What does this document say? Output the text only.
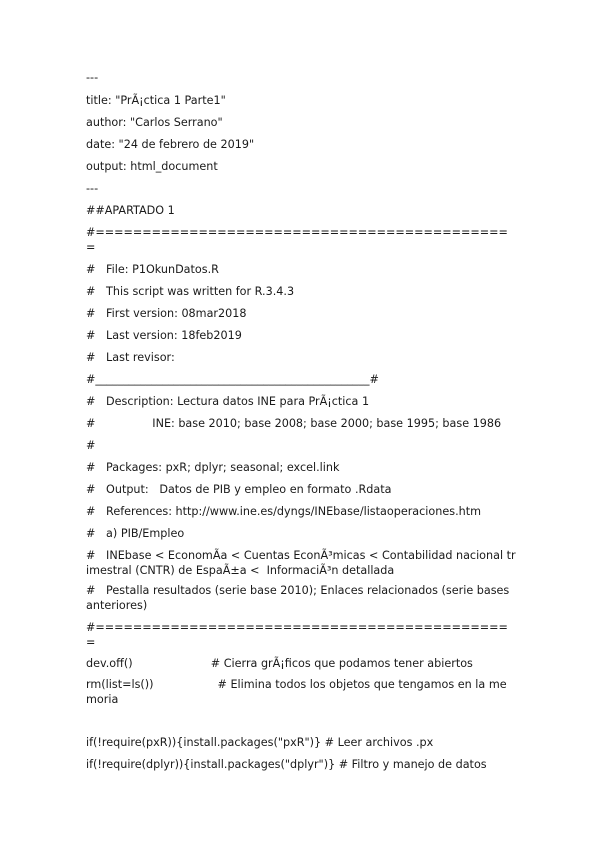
---
title: "PrÃ¡ctica 1 Parte1"
author: "Carlos Serrano"
date: "24 de febrero de 2019"
output: html_document
---
##APARTADO 1
#=============================================
#   File: P1OkunDatos.R
#   This script was written for R.3.4.3
#   First version: 08mar2018
#   Last version: 18feb2019
#   Last revisor:
#_________________________________________________#
#   Description: Lectura datos INE para PrÃ¡ctica 1
#                INE: base 2010; base 2008; base 2000; base 1995; base 1986
#
#   Packages: pxR; dplyr; seasonal; excel.link
#   Output:   Datos de PIB y empleo en formato .Rdata
#   References: http://www.ine.es/dyngs/INEbase/listaoperaciones.htm
#   a) PIB/Empleo
#   INEbase < EconomÃa < Cuentas EconÃ³micas < Contabilidad nacional trimestral (CNTR) de EspaÃ±a <  InformaciÃ³n detallada
#   Pestalla resultados (serie base 2010); Enlaces relacionados (serie bases anteriores)
#=============================================
dev.off()                      # Cierra grÃ¡ficos que podamos tener abiertos
rm(list=ls())                  # Elimina todos los objetos que tengamos en la memoria
if(!require(pxR)){install.packages("pxR")} # Leer archivos .px
if(!require(dplyr)){install.packages("dplyr")} # Filtro y manejo de datos
